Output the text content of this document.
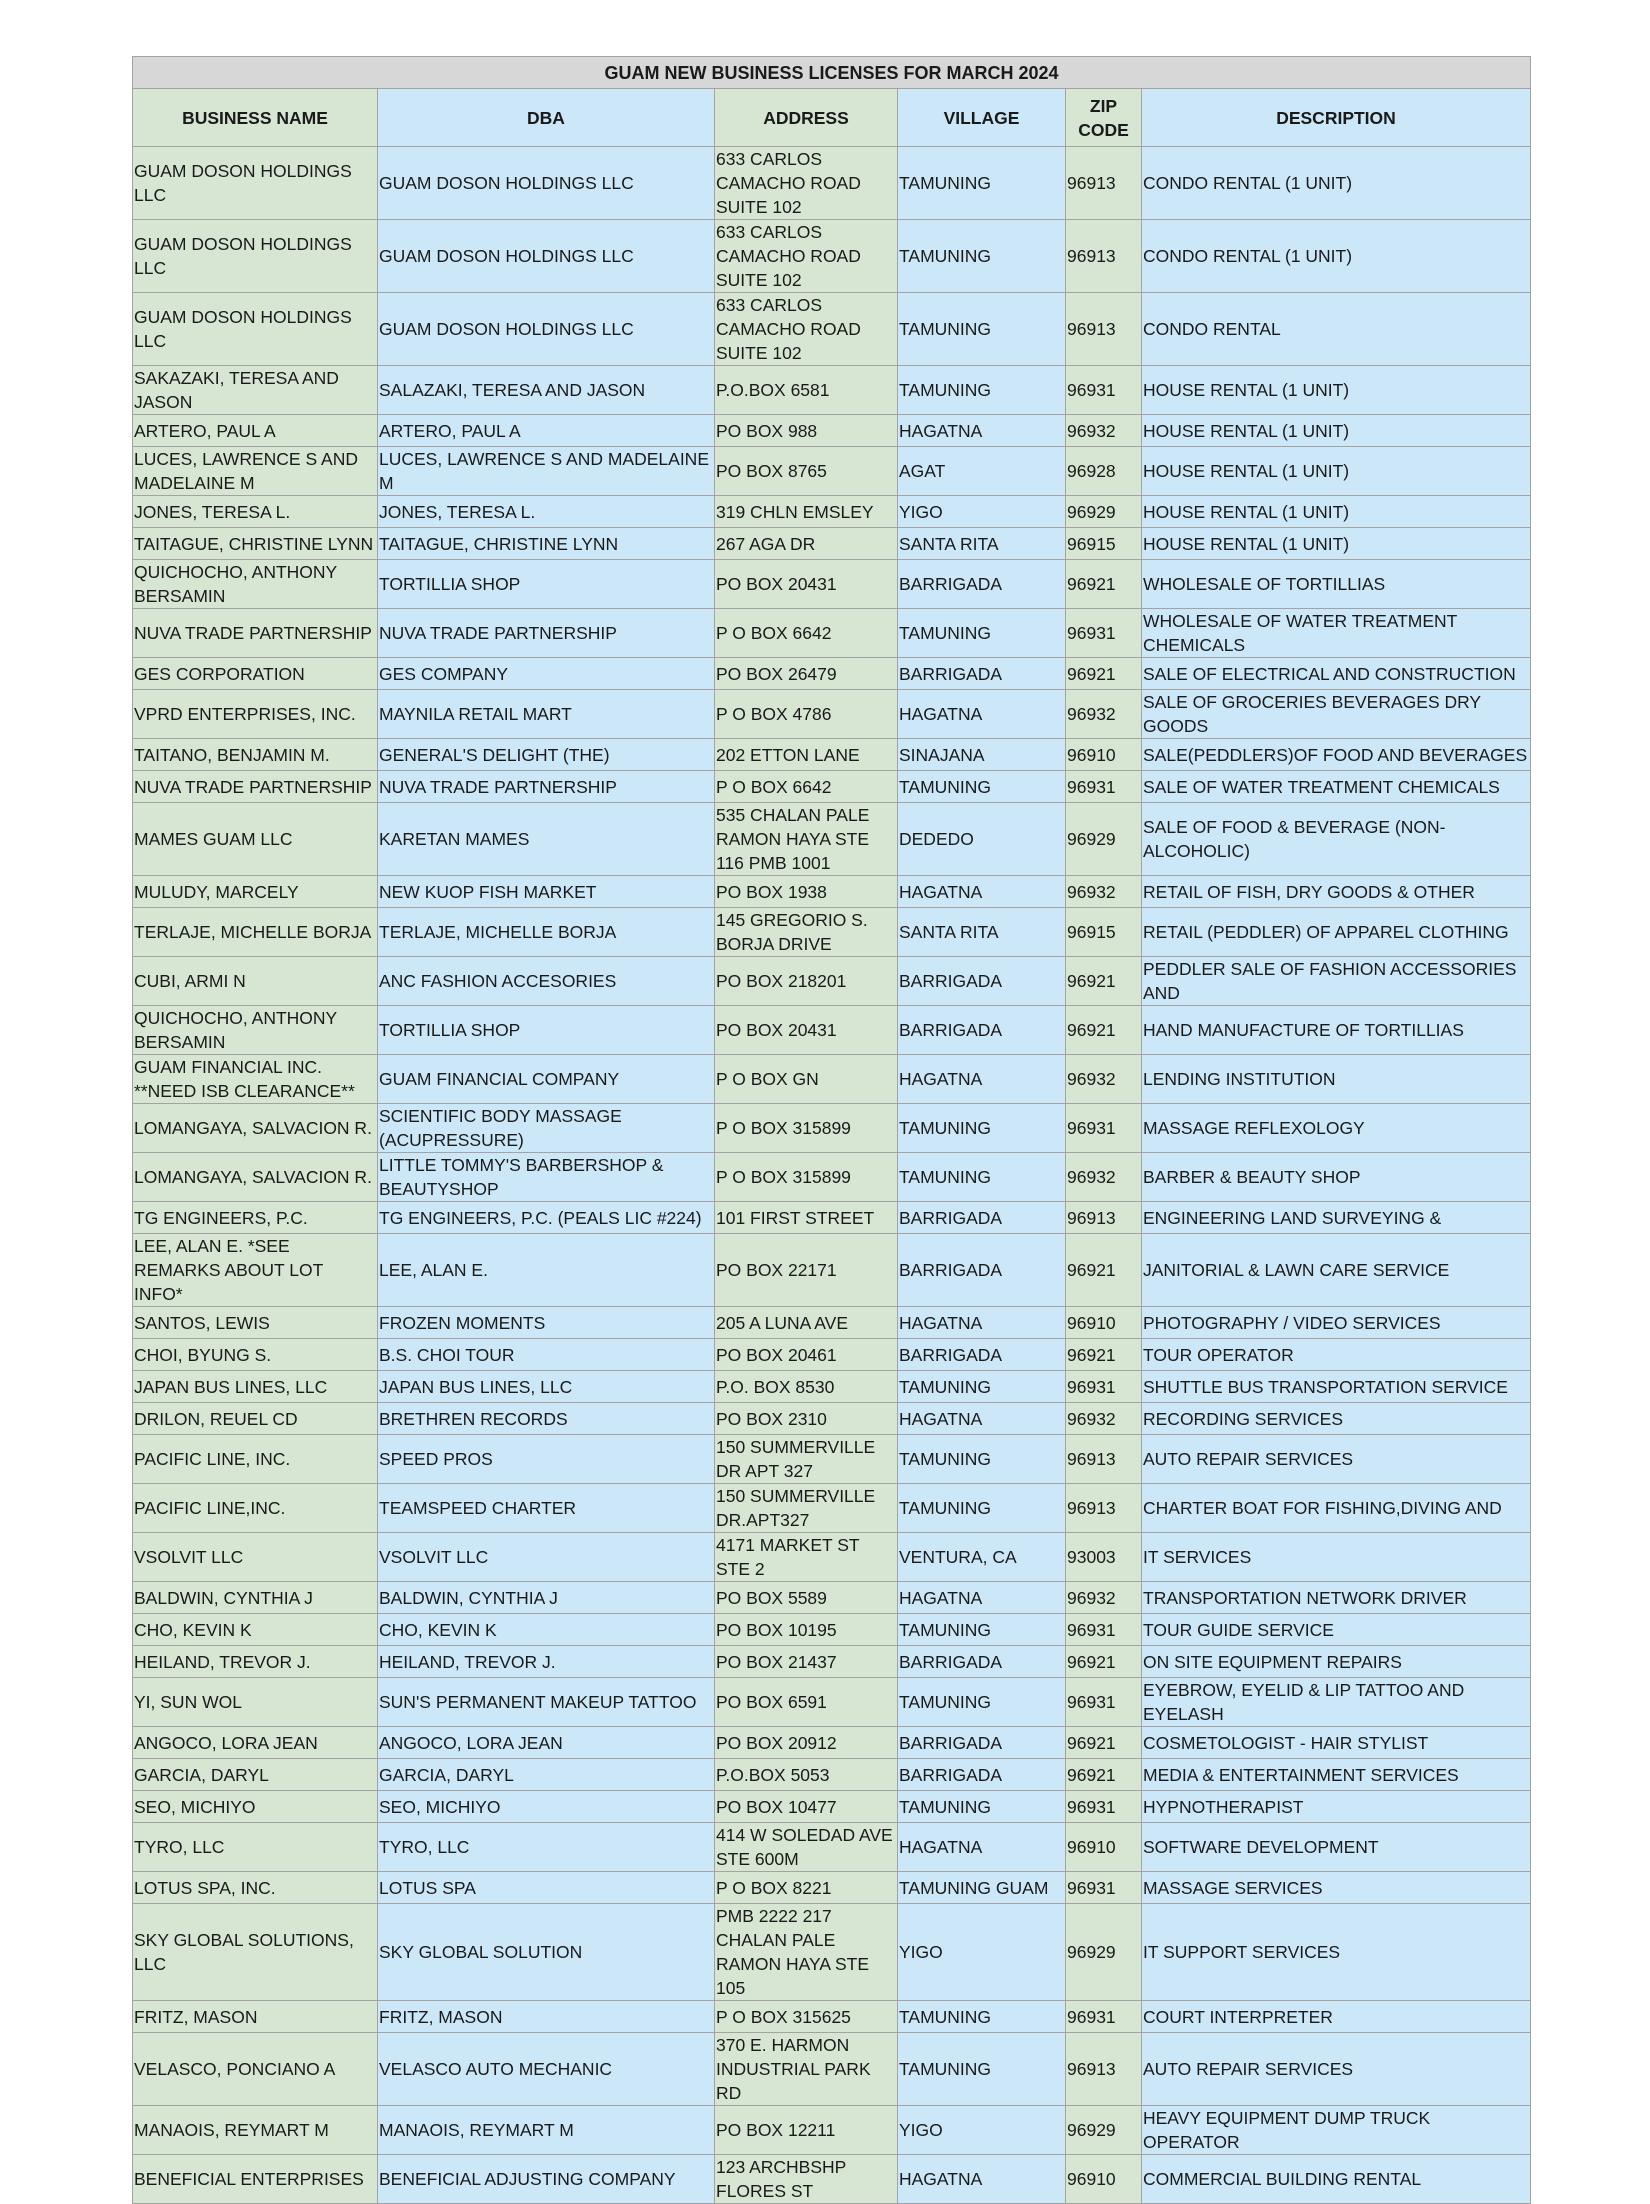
GUAM NEW BUSINESS LICENSES FOR MARCH 2024					
BUSINESS NAME	DBA	ADDRESS	VILLAGE	ZIP CODE	DESCRIPTION
GUAM DOSON HOLDINGS LLC	GUAM DOSON HOLDINGS LLC	633 CARLOS CAMACHO ROAD SUITE 102	TAMUNING	96913	CONDO RENTAL (1 UNIT)
GUAM DOSON HOLDINGS LLC	GUAM DOSON HOLDINGS LLC	633 CARLOS CAMACHO ROAD SUITE 102	TAMUNING	96913	CONDO RENTAL (1 UNIT)
GUAM DOSON HOLDINGS LLC	GUAM DOSON HOLDINGS LLC	633 CARLOS CAMACHO ROAD SUITE 102	TAMUNING	96913	CONDO RENTAL
SAKAZAKI, TERESA AND JASON	SALAZAKI, TERESA AND JASON	P.O.BOX 6581	TAMUNING	96931	HOUSE RENTAL (1 UNIT)
ARTERO, PAUL A	ARTERO, PAUL A	PO BOX 988	HAGATNA	96932	HOUSE RENTAL (1 UNIT)
LUCES, LAWRENCE S AND MADELAINE M	LUCES, LAWRENCE S AND MADELAINE M	PO BOX 8765	AGAT	96928	HOUSE RENTAL (1 UNIT)
JONES, TERESA L.	JONES, TERESA L.	319 CHLN EMSLEY	YIGO	96929	HOUSE RENTAL (1 UNIT)
TAITAGUE, CHRISTINE LYNN	TAITAGUE, CHRISTINE LYNN	267 AGA DR	SANTA RITA	96915	HOUSE RENTAL (1 UNIT)
QUICHOCHO, ANTHONY BERSAMIN	TORTILLIA SHOP	PO BOX 20431	BARRIGADA	96921	WHOLESALE OF TORTILLIAS
NUVA TRADE PARTNERSHIP	NUVA TRADE PARTNERSHIP	P O BOX 6642	TAMUNING	96931	WHOLESALE OF WATER TREATMENT CHEMICALS
GES CORPORATION	GES COMPANY	PO BOX 26479	BARRIGADA	96921	SALE OF ELECTRICAL AND CONSTRUCTION
VPRD ENTERPRISES, INC.	MAYNILA RETAIL MART	P O BOX 4786	HAGATNA	96932	SALE OF GROCERIES BEVERAGES DRY GOODS
TAITANO, BENJAMIN M.	GENERAL'S DELIGHT (THE)	202 ETTON LANE	SINAJANA	96910	SALE(PEDDLERS)OF FOOD AND BEVERAGES
NUVA TRADE PARTNERSHIP	NUVA TRADE PARTNERSHIP	P O BOX 6642	TAMUNING	96931	SALE OF WATER TREATMENT CHEMICALS
MAMES GUAM LLC	KARETAN MAMES	535 CHALAN PALE RAMON HAYA STE 116 PMB 1001	DEDEDO	96929	SALE OF FOOD & BEVERAGE (NON-ALCOHOLIC)
MULUDY, MARCELY	NEW KUOP FISH MARKET	PO BOX 1938	HAGATNA	96932	RETAIL OF FISH, DRY GOODS & OTHER
TERLAJE, MICHELLE BORJA	TERLAJE, MICHELLE BORJA	145 GREGORIO S. BORJA DRIVE	SANTA RITA	96915	RETAIL (PEDDLER) OF APPAREL CLOTHING
CUBI, ARMI N	ANC FASHION ACCESORIES	PO BOX 218201	BARRIGADA	96921	PEDDLER SALE OF FASHION ACCESSORIES AND
QUICHOCHO, ANTHONY BERSAMIN	TORTILLIA SHOP	PO BOX 20431	BARRIGADA	96921	HAND MANUFACTURE OF TORTILLIAS
GUAM FINANCIAL INC. **NEED ISB CLEARANCE**	GUAM FINANCIAL COMPANY	P O BOX GN	HAGATNA	96932	LENDING INSTITUTION
LOMANGAYA, SALVACION R.	SCIENTIFIC BODY MASSAGE (ACUPRESSURE)	P O BOX 315899	TAMUNING	96931	MASSAGE REFLEXOLOGY
LOMANGAYA, SALVACION R.	LITTLE TOMMY'S BARBERSHOP & BEAUTYSHOP	P O BOX 315899	TAMUNING	96932	BARBER & BEAUTY SHOP
TG ENGINEERS, P.C.	TG ENGINEERS, P.C. (PEALS LIC #224)	101 FIRST STREET	BARRIGADA	96913	ENGINEERING LAND SURVEYING &
LEE, ALAN E. *SEE REMARKS ABOUT LOT INFO*	LEE, ALAN E.	PO BOX 22171	BARRIGADA	96921	JANITORIAL & LAWN CARE SERVICE
SANTOS, LEWIS	FROZEN MOMENTS	205 A LUNA AVE	HAGATNA	96910	PHOTOGRAPHY / VIDEO SERVICES
CHOI, BYUNG S.	B.S. CHOI TOUR	PO BOX 20461	BARRIGADA	96921	TOUR OPERATOR
JAPAN BUS LINES, LLC	JAPAN BUS LINES, LLC	P.O. BOX 8530	TAMUNING	96931	SHUTTLE BUS TRANSPORTATION SERVICE
DRILON, REUEL CD	BRETHREN RECORDS	PO BOX 2310	HAGATNA	96932	RECORDING SERVICES
PACIFIC LINE, INC.	SPEED PROS	150 SUMMERVILLE DR APT 327	TAMUNING	96913	AUTO REPAIR SERVICES
PACIFIC LINE,INC.	TEAMSPEED CHARTER	150 SUMMERVILLE DR.APT327	TAMUNING	96913	CHARTER BOAT FOR FISHING,DIVING AND
VSOLVIT LLC	VSOLVIT LLC	4171 MARKET ST STE 2	VENTURA, CA	93003	IT SERVICES
BALDWIN, CYNTHIA J	BALDWIN, CYNTHIA J	PO BOX 5589	HAGATNA	96932	TRANSPORTATION NETWORK DRIVER
CHO, KEVIN K	CHO, KEVIN K	PO BOX 10195	TAMUNING	96931	TOUR GUIDE SERVICE
HEILAND, TREVOR J.	HEILAND, TREVOR J.	PO BOX 21437	BARRIGADA	96921	ON SITE EQUIPMENT REPAIRS
YI, SUN WOL	SUN'S PERMANENT MAKEUP TATTOO	PO BOX 6591	TAMUNING	96931	EYEBROW, EYELID & LIP TATTOO AND EYELASH
ANGOCO, LORA JEAN	ANGOCO, LORA JEAN	PO BOX 20912	BARRIGADA	96921	COSMETOLOGIST - HAIR STYLIST
GARCIA, DARYL	GARCIA, DARYL	P.O.BOX 5053	BARRIGADA	96921	MEDIA & ENTERTAINMENT SERVICES
SEO, MICHIYO	SEO, MICHIYO	PO BOX 10477	TAMUNING	96931	HYPNOTHERAPIST
TYRO, LLC	TYRO, LLC	414 W SOLEDAD AVE STE 600M	HAGATNA	96910	SOFTWARE DEVELOPMENT
LOTUS SPA, INC.	LOTUS SPA	P O BOX 8221	TAMUNING GUAM	96931	MASSAGE SERVICES
SKY GLOBAL SOLUTIONS, LLC	SKY GLOBAL SOLUTION	PMB 2222 217 CHALAN PALE RAMON HAYA STE 105	YIGO	96929	IT SUPPORT SERVICES
FRITZ, MASON	FRITZ, MASON	P O BOX 315625	TAMUNING	96931	COURT INTERPRETER
VELASCO, PONCIANO A	VELASCO AUTO MECHANIC	370 E. HARMON INDUSTRIAL PARK RD	TAMUNING	96913	AUTO REPAIR SERVICES
MANAOIS, REYMART M	MANAOIS, REYMART M	PO BOX 12211	YIGO	96929	HEAVY EQUIPMENT DUMP TRUCK OPERATOR
BENEFICIAL ENTERPRISES	BENEFICIAL ADJUSTING COMPANY	123 ARCHBSHP FLORES ST	HAGATNA	96910	COMMERCIAL BUILDING RENTAL
